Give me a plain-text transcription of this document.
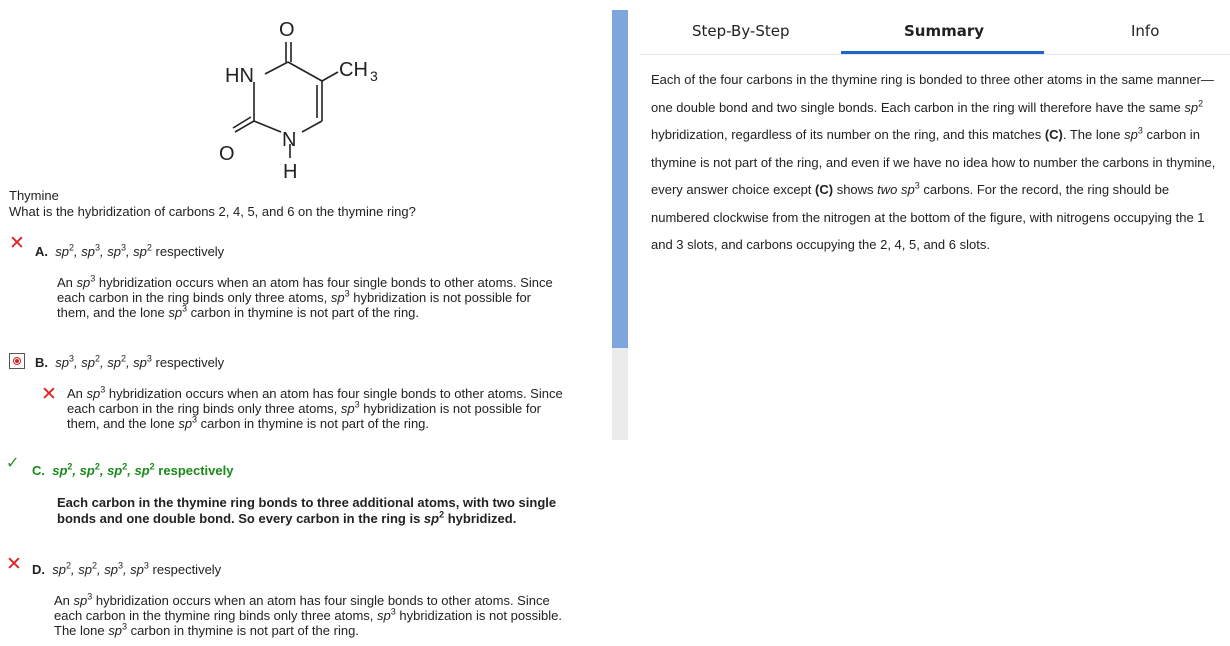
O
HN	CH 3
O
N
H
Thymine
What is the hybridization of carbons 2, 4, 5, and 6 on the thymine ring?
✕ A. $sp^2$, $sp^3$, $sp^3$, $sp^2$ respectively
An $sp^3$ hybridization occurs when an atom has four single bonds to other atoms. Since
each carbon in the ring binds only three atoms, $sp^3$ hybridization is not possible for
them, and the lone $sp^3$ carbon in thymine is not part of the ring.
B. $sp^3$, $sp^2$, $sp^2$, $sp^3$ respectively
✕ An $sp^3$ hybridization occurs when an atom has four single bonds to other atoms. Since
each carbon in the ring binds only three atoms, $sp^3$ hybridization is not possible for
them, and the lone $sp^3$ carbon in thymine is not part of the ring.
✓ C. $sp^2$, $sp^2$, $sp^2$, $sp^2$ respectively
Each carbon in the thymine ring bonds to three additional atoms, with two single
bonds and one double bond. So every carbon in the ring is $sp^2$ hybridized.
✕ D. $sp^2$, $sp^2$, $sp^3$, $sp^3$ respectively
An $sp^3$ hybridization occurs when an atom has four single bonds to other atoms. Since
each carbon in the thymine ring binds only three atoms, $sp^3$ hybridization is not possible.
The lone $sp^3$ carbon in thymine is not part of the ring.
Step-By-Step	Summary	Info
Each of the four carbons in the thymine ring is bonded to three other atoms in the same manner—one double bond and two single bonds. Each carbon in the ring will therefore have the same $sp^2$ hybridization, regardless of its number on the ring, and this matches (C). The lone $sp^3$ carbon in thymine is not part of the ring, and even if we have no idea how to number the carbons in thymine, every answer choice except (C) shows two $sp^3$ carbons. For the record, the ring should be numbered clockwise from the nitrogen at the bottom of the figure, with nitrogens occupying the 1 and 3 slots, and carbons occupying the 2, 4, 5, and 6 slots.
